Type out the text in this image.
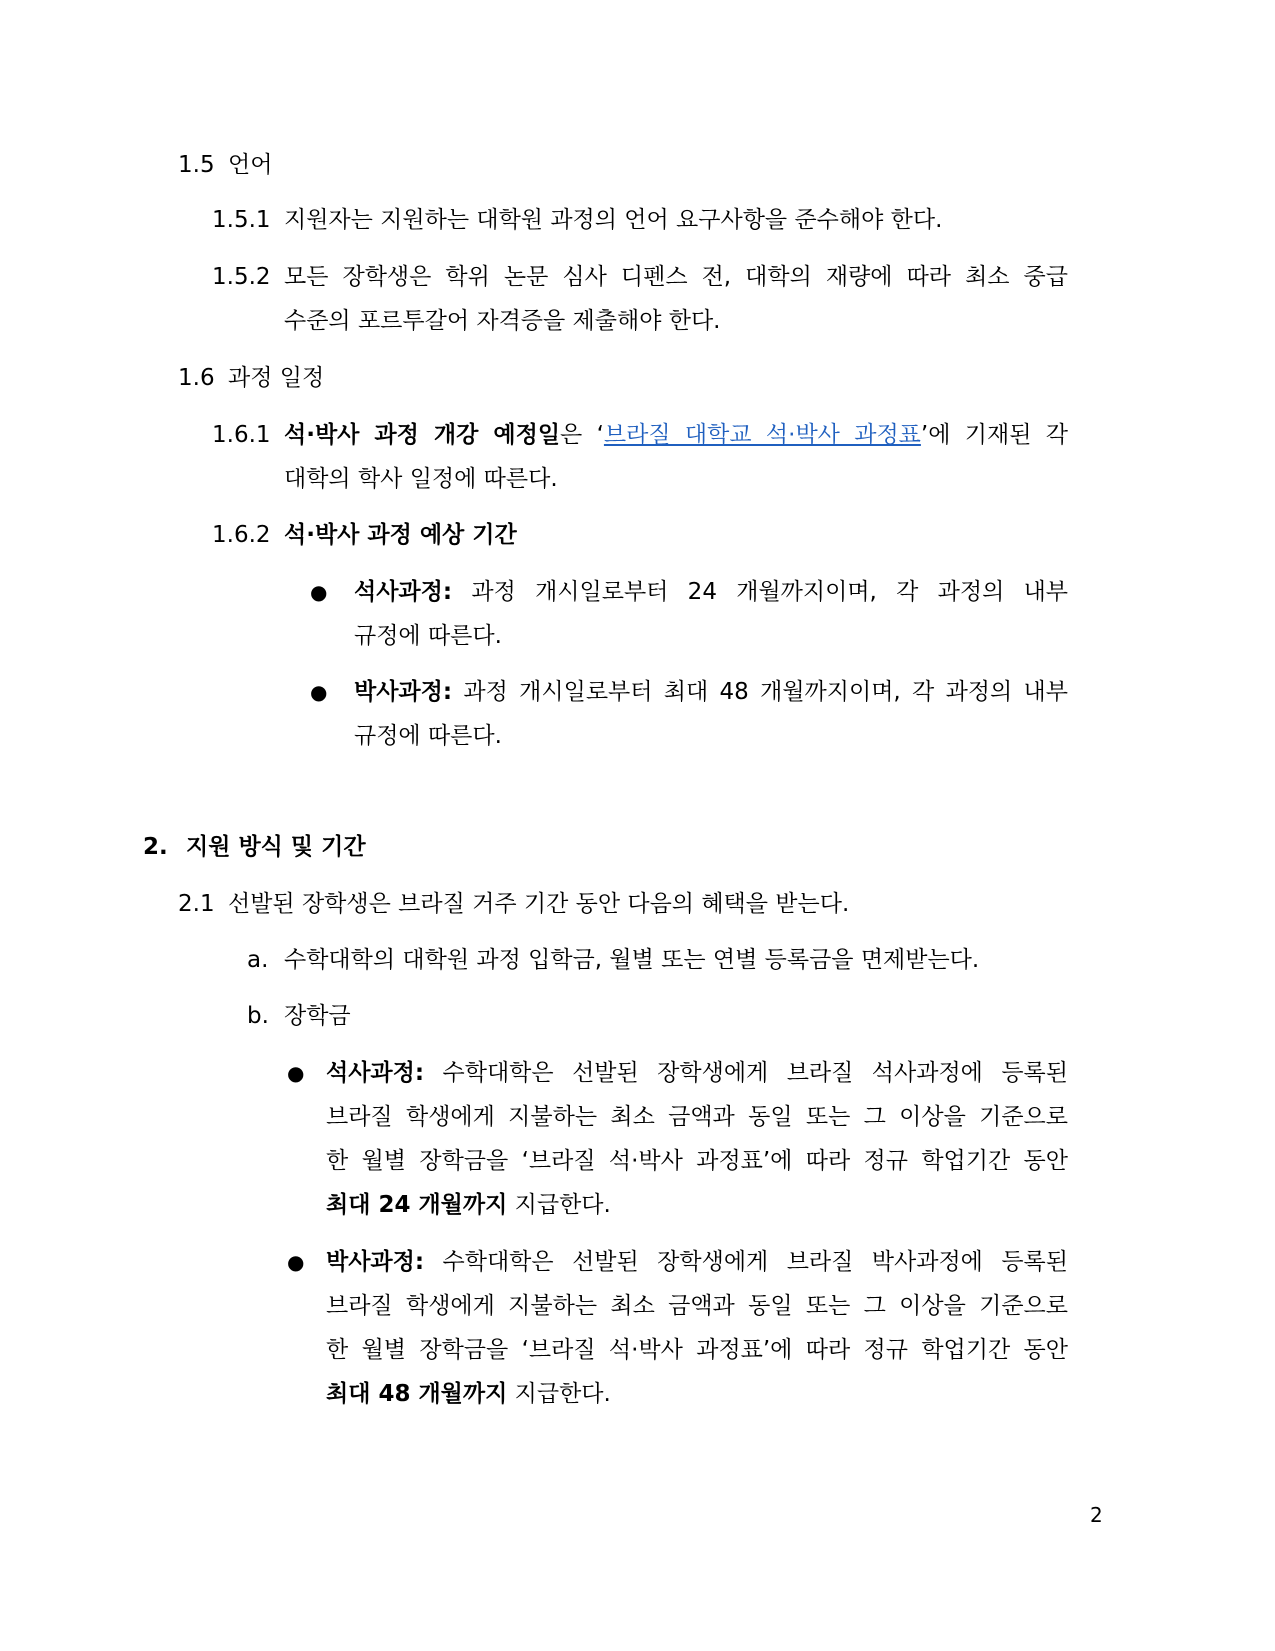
1.5 언어
1.5.1 지원자는 지원하는 대학원 과정의 언어 요구사항을 준수해야 한다.
1.5.2 모든 장학생은 학위 논문 심사 디펜스 전, 대학의 재량에 따라 최소 중급
수준의 포르투갈어 자격증을 제출해야 한다.
1.6 과정 일정
1.6.1 석·박사 과정 개강 예정일은 ‘브라질 대학교 석·박사 과정표’에 기재된 각
대학의 학사 일정에 따른다.
1.6.2 석·박사 과정 예상 기간
● 석사과정: 과정 개시일로부터 24 개월까지이며, 각 과정의 내부
규정에 따른다.
● 박사과정: 과정 개시일로부터 최대 48 개월까지이며, 각 과정의 내부
규정에 따른다.
2. 지원 방식 및 기간
2.1 선발된 장학생은 브라질 거주 기간 동안 다음의 혜택을 받는다.
a. 수학대학의 대학원 과정 입학금, 월별 또는 연별 등록금을 면제받는다.
b. 장학금
● 석사과정: 수학대학은 선발된 장학생에게 브라질 석사과정에 등록된
브라질 학생에게 지불하는 최소 금액과 동일 또는 그 이상을 기준으로
한 월별 장학금을 ‘브라질 석·박사 과정표’에 따라 정규 학업기간 동안
최대 24 개월까지 지급한다.
● 박사과정: 수학대학은 선발된 장학생에게 브라질 박사과정에 등록된
브라질 학생에게 지불하는 최소 금액과 동일 또는 그 이상을 기준으로
한 월별 장학금을 ‘브라질 석·박사 과정표’에 따라 정규 학업기간 동안
최대 48 개월까지 지급한다.
2
